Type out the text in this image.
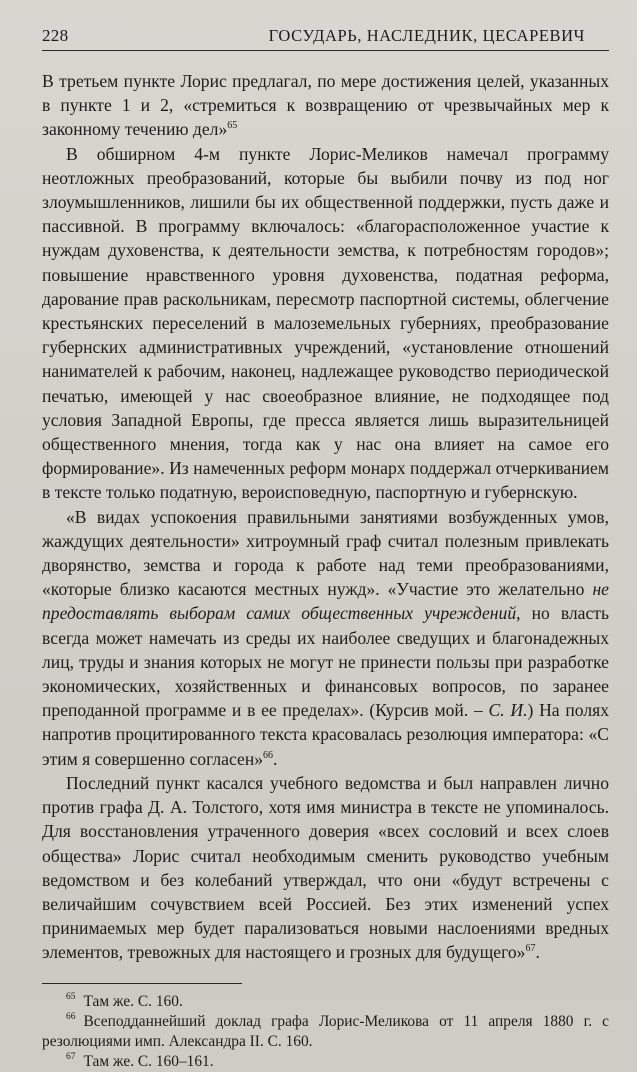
228	ГОСУДАРЬ, НАСЛЕДНИК, ЦЕСАРЕВИЧ

В третьем пункте Лорис предлагал, по мере достижения целей, указанных в пункте 1 и 2, «стремиться к возвращению от чрезвычайных мер к законному течению дел»$^{65}$

В обширном 4-м пункте Лорис-Меликов намечал программу неотложных преобразований, которые бы выбили почву из под ног злоумышленников, лишили бы их общественной поддержки, пусть даже и пассивной. В программу включалось: «благорасположенное участие к нуждам духовенства, к деятельности земства, к потребностям городов»; повышение нравственного уровня духовенства, податная реформа, дарование прав раскольникам, пересмотр паспортной системы, облегчение крестьянских переселений в малоземельных губерниях, преобразование губернских административных учреждений, «установление отношений нанимателей к рабочим, наконец, надлежащее руководство периодической печатью, имеющей у нас своеобразное влияние, не подходящее под условия Западной Европы, где пресса является лишь выразительницей общественного мнения, тогда как у нас она влияет на самое его формирование». Из намеченных реформ монарх поддержал отчеркиванием в тексте только податную, вероисповедную, паспортную и губернскую.

«В видах успокоения правильными занятиями возбужденных умов, жаждущих деятельности» хитроумный граф считал полезным привлекать дворянство, земства и города к работе над теми преобразованиями, «которые близко касаются местных нужд». «Участие это желательно не предоставлять выборам самих общественных учреждений, но власть всегда может намечать из среды их наиболее сведущих и благонадежных лиц, труды и знания которых не могут не принести пользы при разработке экономических, хозяйственных и финансовых вопросов, по заранее преподанной программе и в ее пределах». (Курсив мой. – С. И.) На полях напротив процитированного текста красовалась резолюция императора: «С этим я совершенно согласен»$^{66}$.

Последний пункт касался учебного ведомства и был направлен лично против графа Д. А. Толстого, хотя имя министра в тексте не упоминалось. Для восстановления утраченного доверия «всех сословий и всех слоев общества» Лорис считал необходимым сменить руководство учебным ведомством и без колебаний утверждал, что они «будут встречены с величайшим сочувствием всей Россией. Без этих изменений успех принимаемых мер будет парализоваться новыми наслоениями вредных элементов, тревожных для настоящего и грозных для будущего»$^{67}$.

$^{65}$ Там же. С. 160.

$^{66}$ Всеподданнейший доклад графа Лорис-Меликова от 11 апреля 1880 г. с резолюциями имп. Александра II. С. 160.

$^{67}$ Там же. С. 160–161.
